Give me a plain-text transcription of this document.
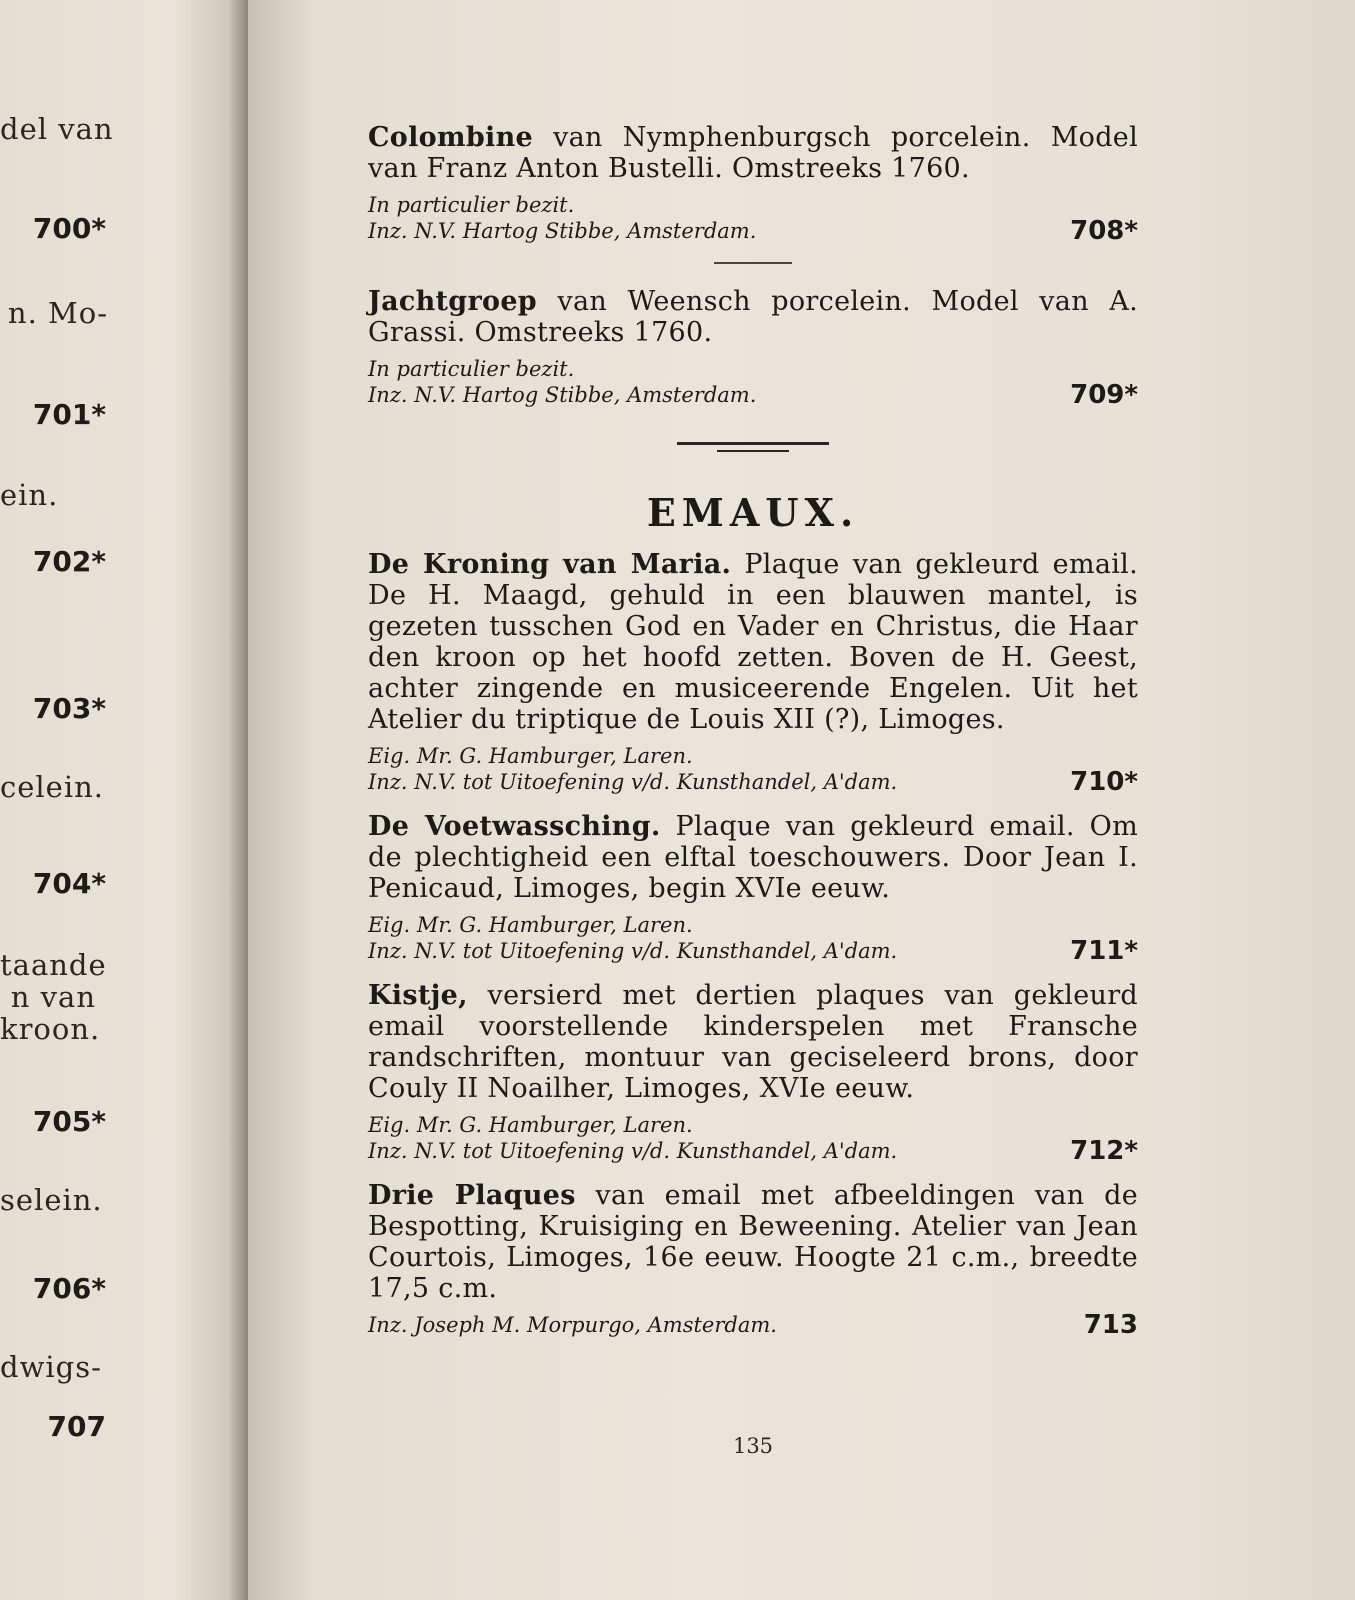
del van
700*
n. Mo-
701*
ein.
702*
703*
celein.
704*
taande
n van
kroon.
705*
selein.
706*
dwigs-
707
Colombine van Nymphenburgsch porcelein. Model van Franz Anton Bustelli. Omstreeks 1760.
In particulier bezit.
Inz. N.V. Hartog Stibbe, Amsterdam.	708*
Jachtgroep van Weensch porcelein. Model van A. Grassi. Omstreeks 1760.
In particulier bezit.
Inz. N.V. Hartog Stibbe, Amsterdam.	709*
EMAUX.
De Kroning van Maria. Plaque van gekleurd email. De H. Maagd, gehuld in een blauwen mantel, is gezeten tusschen God en Vader en Christus, die Haar den kroon op het hoofd zetten. Boven de H. Geest, achter zingende en musiceerende Engelen. Uit het Atelier du triptique de Louis XII (?), Limoges.
Eig. Mr. G. Hamburger, Laren.
Inz. N.V. tot Uitoefening v/d. Kunsthandel, A'dam.	710*
De Voetwassching. Plaque van gekleurd email. Om de plechtigheid een elftal toeschouwers. Door Jean I. Penicaud, Limoges, begin XVIe eeuw.
Eig. Mr. G. Hamburger, Laren.
Inz. N.V. tot Uitoefening v/d. Kunsthandel, A'dam.	711*
Kistje, versierd met dertien plaques van gekleurd email voorstellende kinderspelen met Fransche randschriften, montuur van geciseleerd brons, door Couly II Noailher, Limoges, XVIe eeuw.
Eig. Mr. G. Hamburger, Laren.
Inz. N.V. tot Uitoefening v/d. Kunsthandel, A'dam.	712*
Drie Plaques van email met afbeeldingen van de Bespotting, Kruisiging en Beweening. Atelier van Jean Courtois, Limoges, 16e eeuw. Hoogte 21 c.m., breedte 17,5 c.m.
Inz. Joseph M. Morpurgo, Amsterdam.	713
135
